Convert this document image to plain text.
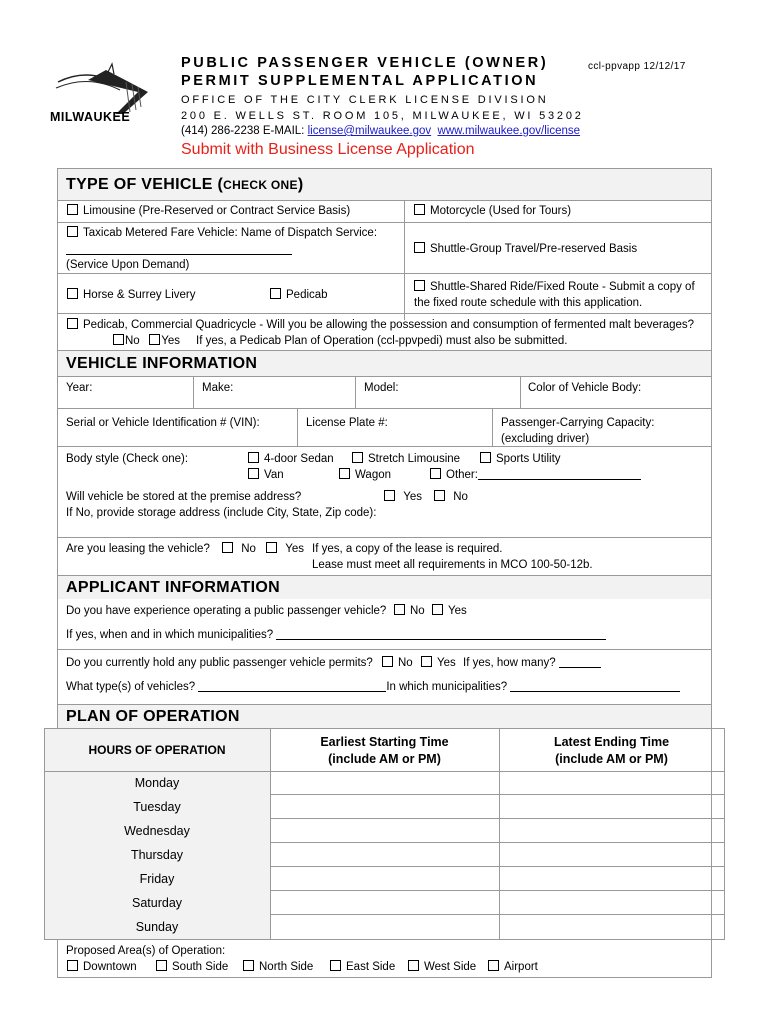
MILWAUKEE
PUBLIC PASSENGER VEHICLE (OWNER)	ccl-ppvapp 12/12/17
PERMIT SUPPLEMENTAL APPLICATION
OFFICE OF THE CITY CLERK LICENSE DIVISION
200 E. WELLS ST. ROOM 105, MILWAUKEE, WI 53202
(414) 286-2238 E-MAIL: license@milwaukee.gov www.milwaukee.gov/license
Submit with Business License Application
TYPE OF VEHICLE (CHECK ONE)
Limousine (Pre-Reserved or Contract Service Basis)	Motorcycle (Used for Tours)
Taxicab Metered Fare Vehicle: Name of Dispatch Service:
(Service Upon Demand)
Shuttle-Group Travel/Pre-reserved Basis
Horse & Surrey Livery	Pedicab
Shuttle-Shared Ride/Fixed Route - Submit a copy of
the fixed route schedule with this application.
Pedicab, Commercial Quadricycle - Will you be allowing the possession and consumption of fermented malt beverages?
No Yes If yes, a Pedicab Plan of Operation (ccl-ppvpedi) must also be submitted.
VEHICLE INFORMATION
Year:	Make:	Model:	Color of Vehicle Body:
Serial or Vehicle Identification # (VIN):	License Plate #:	Passenger-Carrying Capacity:
(excluding driver)
Body style (Check one):	4-door Sedan	Stretch Limousine	Sports Utility
Van	Wagon	Other:
Will vehicle be stored at the premise address?	Yes	No
If No, provide storage address (include City, State, Zip code):
Are you leasing the vehicle?	No	Yes If yes, a copy of the lease is required.
Lease must meet all requirements in MCO 100-50-12b.
APPLICANT INFORMATION
Do you have experience operating a public passenger vehicle?	No	Yes
If yes, when and in which municipalities?
Do you currently hold any public passenger vehicle permits?	No	Yes If yes, how many?
What type(s) of vehicles?	In which municipalities?
PLAN OF OPERATION
HOURS OF OPERATION
Earliest Starting Time
(include AM or PM)
Latest Ending Time
(include AM or PM)
Monday
Tuesday
Wednesday
Thursday
Friday
Saturday
Sunday
Proposed Area(s) of Operation:
Downtown	South Side	North Side	East Side	West Side	Airport
